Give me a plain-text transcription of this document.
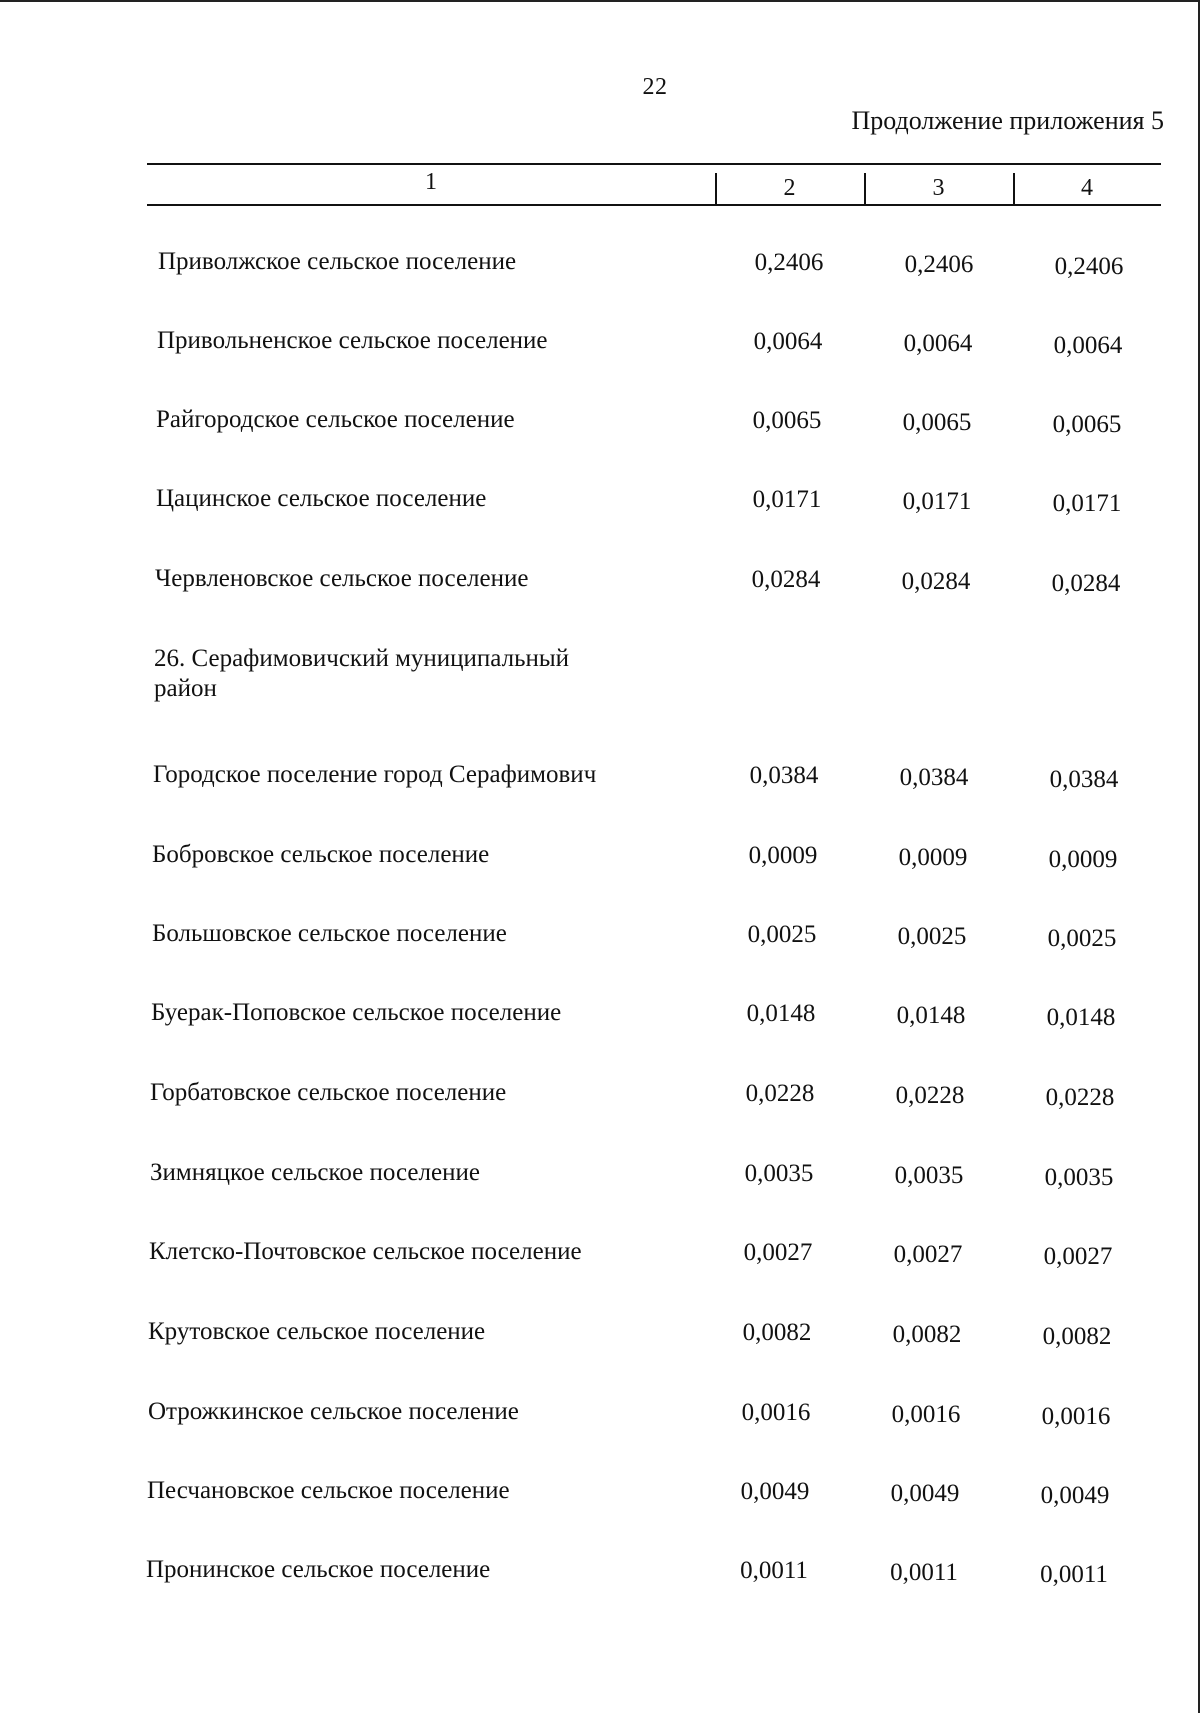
22
Продолжение приложения 5
1	2	3	4
Приволжское сельское поселение	0,2406	0,2406	0,2406
Привольненское сельское поселение	0,0064	0,0064	0,0064
Райгородское сельское поселение	0,0065	0,0065	0,0065
Цацинское сельское поселение	0,0171	0,0171	0,0171
Червленовское сельское поселение	0,0284	0,0284	0,0284
26. Серафимовичский муниципальный район
Городское поселение город Серафимович	0,0384	0,0384	0,0384
Бобровское сельское поселение	0,0009	0,0009	0,0009
Большовское сельское поселение	0,0025	0,0025	0,0025
Буерак-Поповское сельское поселение	0,0148	0,0148	0,0148
Горбатовское сельское поселение	0,0228	0,0228	0,0228
Зимняцкое сельское поселение	0,0035	0,0035	0,0035
Клетско-Почтовское сельское поселение	0,0027	0,0027	0,0027
Крутовское сельское поселение	0,0082	0,0082	0,0082
Отрожкинское сельское поселение	0,0016	0,0016	0,0016
Песчановское сельское поселение	0,0049	0,0049	0,0049
Пронинское сельское поселение	0,0011	0,0011	0,0011
